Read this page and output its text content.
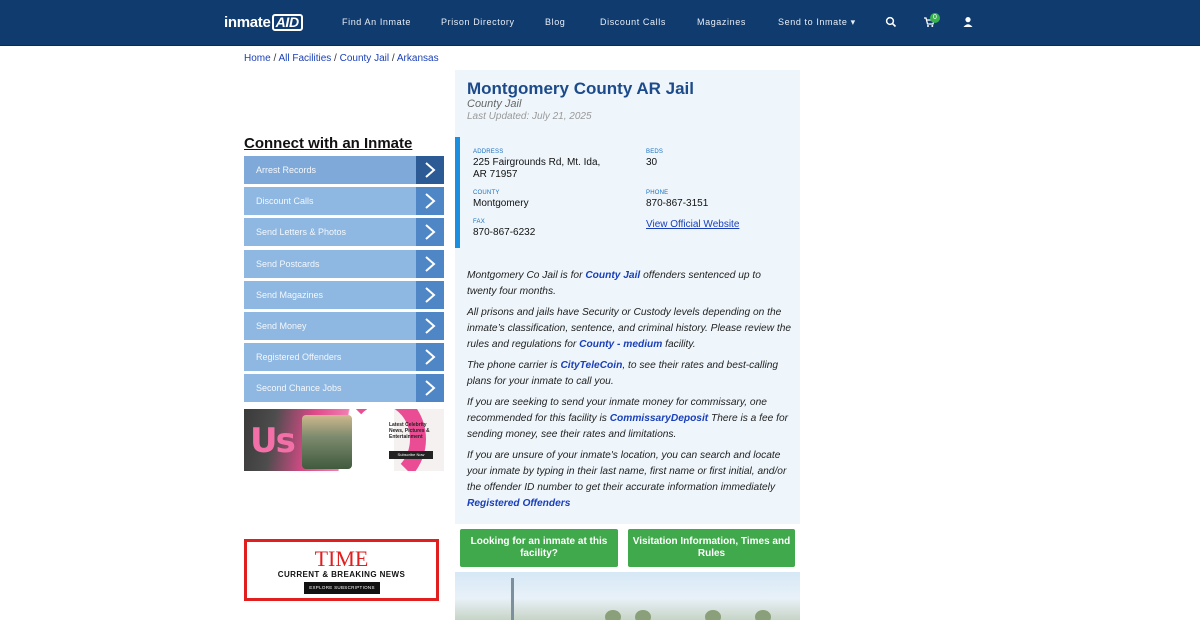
inmate AID	Find An Inmate	Prison Directory	Blog	Discount Calls	Magazines	Send to Inmate ▾	0
Home / All Facilities / County Jail / Arkansas
Connect with an Inmate
Arrest Records
Discount Calls
Send Letters & Photos
Send Postcards
Send Magazines
Send Money
Registered Offenders
Second Chance Jobs
Us	Latest Celebrity News, Pictures & Entertainment
Subscribe Now
TIME
CURRENT & BREAKING NEWS
EXPLORE SUBSCRIPTIONS
Montgomery County AR Jail
County Jail
Last Updated: July 21, 2025
ADDRESS
225 Fairgrounds Rd, Mt. Ida,
AR 71957
BEDS
30
COUNTY
Montgomery
PHONE
870-867-3151
FAX
870-867-6232
View Official Website

Montgomery Co Jail is for County Jail offenders sentenced up to twenty four months.

All prisons and jails have Security or Custody levels depending on the inmate’s classification, sentence, and criminal history. Please review the rules and regulations for County - medium facility.

The phone carrier is CityTeleCoin, to see their rates and best-calling plans for your inmate to call you.

If you are seeking to send your inmate money for commissary, one recommended for this facility is CommissaryDeposit There is a fee for sending money, see their rates and limitations.

If you are unsure of your inmate's location, you can search and locate your inmate by typing in their last name, first name or first initial, and/or the offender ID number to get their accurate information immediately Registered Offenders

Looking for an inmate at this facility?
Visitation Information, Times and Rules
